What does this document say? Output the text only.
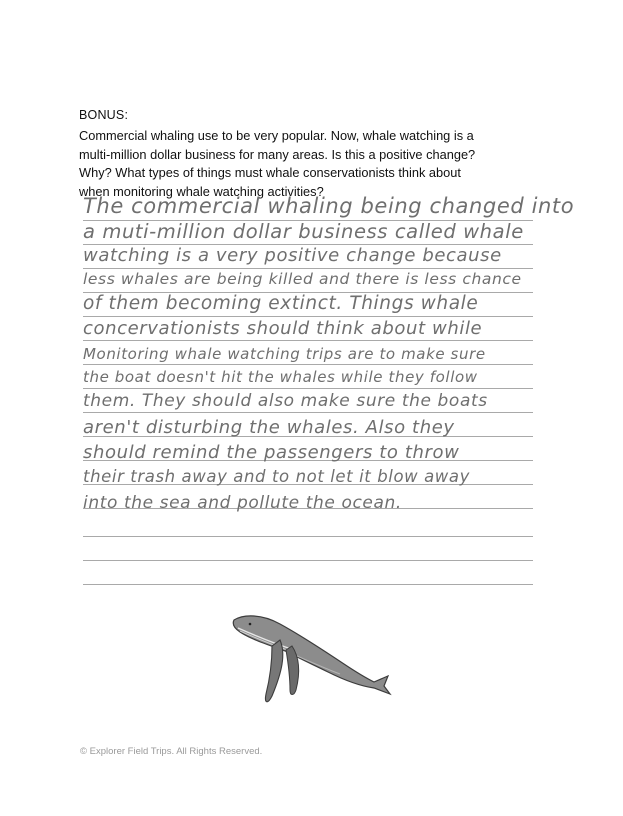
BONUS:
Commercial whaling use to be very popular. Now, whale watching is a
multi-million dollar business for many areas. Is this a positive change?
Why? What types of things must whale conservationists think about
when monitoring whale watching activities?
The commercial whaling being changed into
a muti-million dollar business called whale
watching is a very positive change because
less whales are being killed and there is less chance
of them becoming extinct. Things whale
concervationists should think about while
Monitoring whale watching trips are to make sure
the boat doesn't hit the whales while they follow
them. They should also make sure the boats
aren't disturbing the whales. Also they
should remind the passengers to throw
their trash away and to not let it blow away
into the sea and pollute the ocean.
© Explorer Field Trips. All Rights Reserved.
